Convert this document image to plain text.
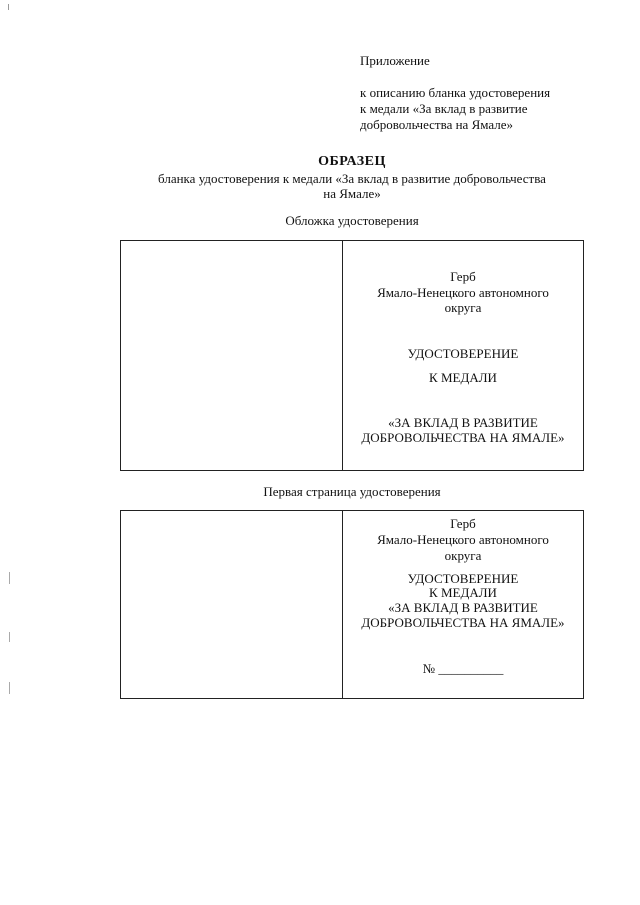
Приложение
к описанию бланка удостоверения
к медали «За вклад в развитие
добровольчества на Ямале»
ОБРАЗЕЦ
бланка удостоверения к медали «За вклад в развитие добровольчества
на Ямале»
Обложка удостоверения
Герб
Ямало-Ненецкого автономного
округа
УДОСТОВЕРЕНИЕ
К МЕДАЛИ
«ЗА ВКЛАД В РАЗВИТИЕ
ДОБРОВОЛЬЧЕСТВА НА ЯМАЛЕ»
Первая страница удостоверения
Герб
Ямало-Ненецкого автономного
округа
УДОСТОВЕРЕНИЕ
К МЕДАЛИ
«ЗА ВКЛАД В РАЗВИТИЕ
ДОБРОВОЛЬЧЕСТВА НА ЯМАЛЕ»
№ __________
